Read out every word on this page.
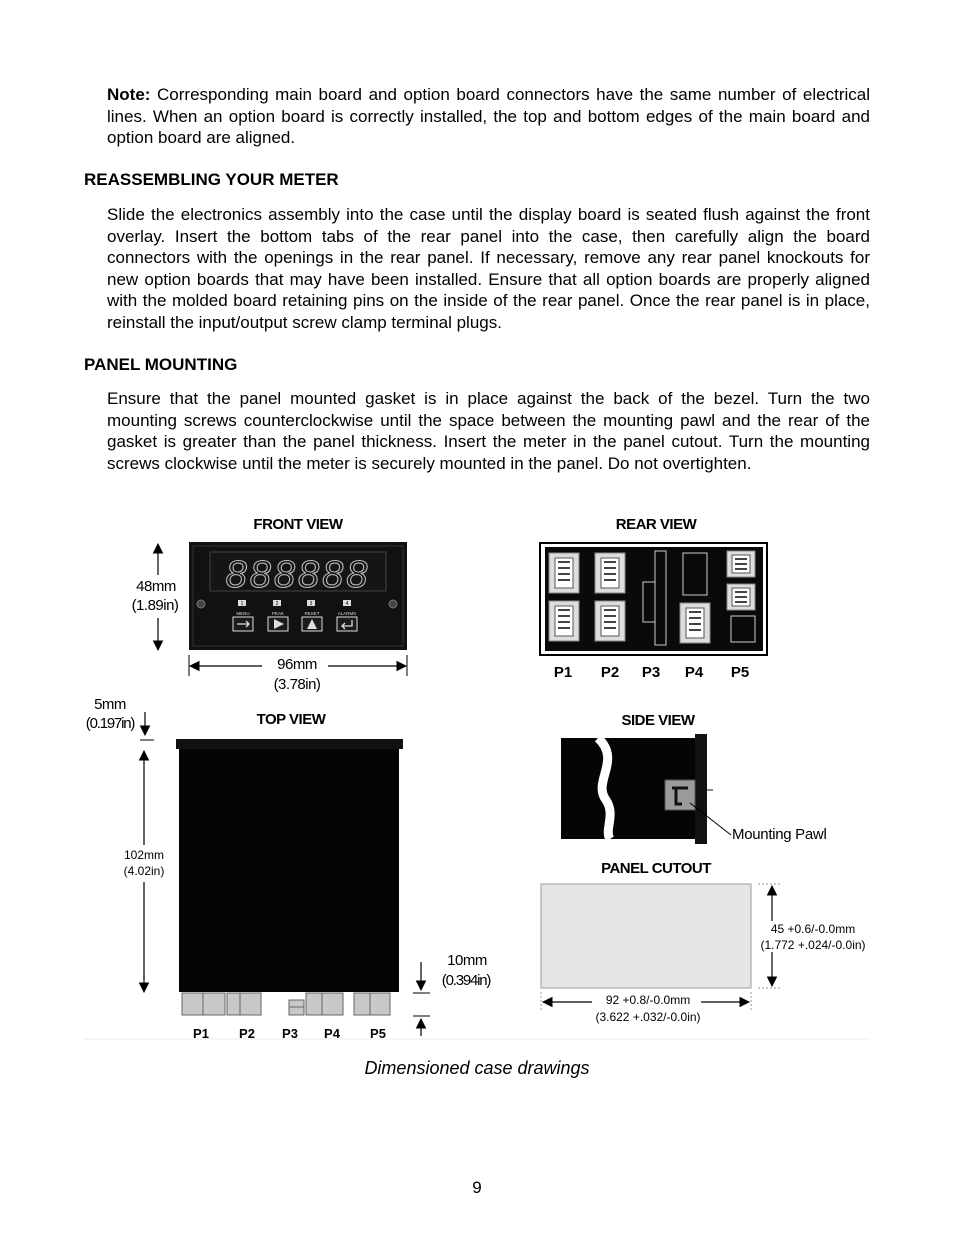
Note: Corresponding main board and option board connectors have the same number of electrical lines. When an option board is correctly installed, the top and bottom edges of the main board and option board are aligned.

REASSEMBLING YOUR METER

Slide the electronics assembly into the case until the display board is seated flush against the front overlay. Insert the bottom tabs of the rear panel into the case, then carefully align the board connectors with the openings in the rear panel. If necessary, remove any rear panel knockouts for new option boards that may have been installed. Ensure that all option boards are properly aligned with the molded board retaining pins on the inside of the rear panel. Once the rear panel is in place, reinstall the input/output screw clamp terminal plugs.

PANEL MOUNTING

Ensure that the panel mounted gasket is in place against the back of the bezel. Turn the two mounting screws counterclockwise until the space between the mounting pawl and the rear of the gasket is greater than the panel thickness. Insert the meter in the panel cutout. Turn the mounting screws clockwise until the meter is securely mounted in the panel. Do not overtighten.

FRONT VIEW
888888
1
MENU
2
PEAK
3
RESET
4
ALARMS
48mm
(1.89in)
96mm
(3.78in)
REAR VIEW
P1 P2 P3 P4 P5
TOP VIEW
P1 P2 P3 P4 P5
5mm
(0.197in)
102mm
(4.02in)
10mm
(0.394in)
SIDE VIEW
Mounting Pawl
PANEL CUTOUT
45 +0.6/-0.0mm
(1.772 +.024/-0.0in)
92 +0.8/-0.0mm
(3.622 +.032/-0.0in)
Dimensioned case drawings
9
